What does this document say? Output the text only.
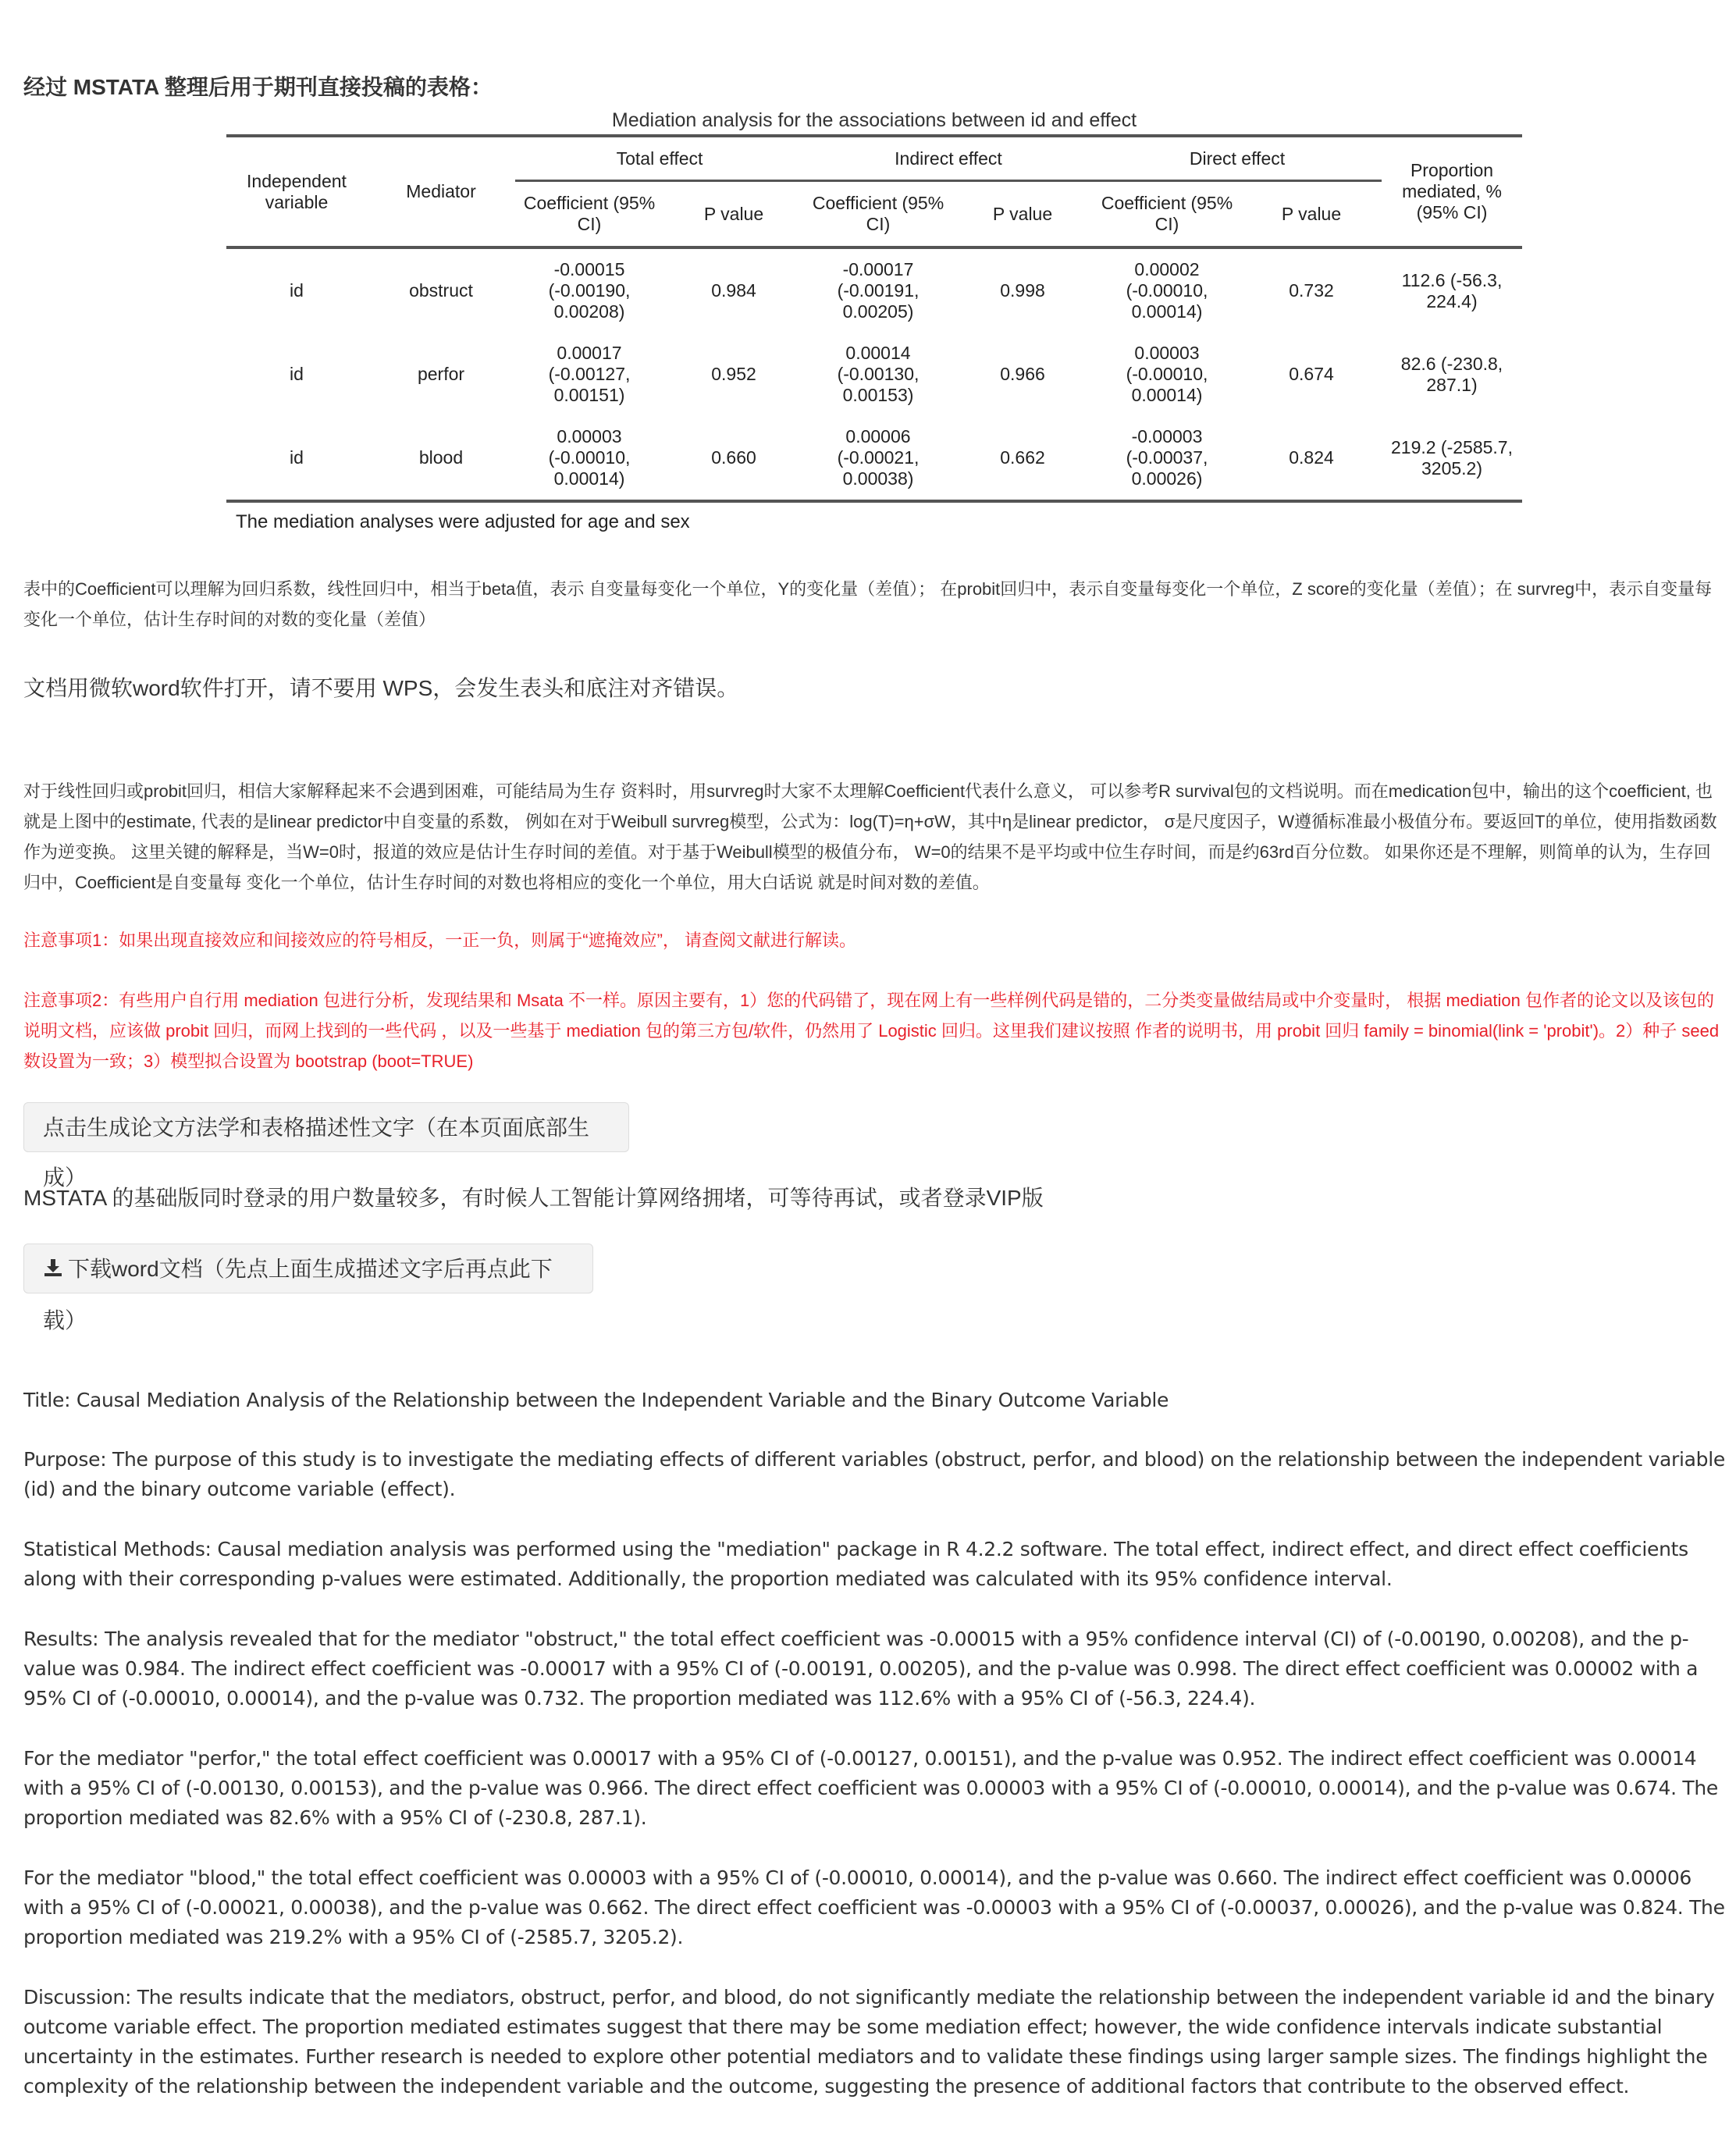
经过 MSTATA 整理后用于期刊直接投稿的表格：
Mediation analysis for the associations between id and effect
Independent variable	Mediator	Total effect		Indirect effect		Direct effect		Proportion mediated, % (95% CI)
		Coefficient (95% CI)	P value	Coefficient (95% CI)	P value	Coefficient (95% CI)	P value	
id	obstruct	-0.00015 (-0.00190, 0.00208)	0.984	-0.00017 (-0.00191, 0.00205)	0.998	0.00002 (-0.00010, 0.00014)	0.732	112.6 (-56.3, 224.4)
id	perfor	0.00017 (-0.00127, 0.00151)	0.952	0.00014 (-0.00130, 0.00153)	0.966	0.00003 (-0.00010, 0.00014)	0.674	82.6 (-230.8, 287.1)
id	blood	0.00003 (-0.00010, 0.00014)	0.660	0.00006 (-0.00021, 0.00038)	0.662	-0.00003 (-0.00037, 0.00026)	0.824	219.2 (-2585.7, 3205.2)
The mediation analyses were adjusted for age and sex
表中的Coefficient可以理解为回归系数，线性回归中，相当于beta值，表示 自变量每变化一个单位，Y的变化量（差值）； 在probit回归中，表示自变量每变化一个单位，Z score的变化量（差值）；在 survreg中，表示自变量每变化一个单位，估计生存时间的对数的变化量（差值）
文档用微软word软件打开，请不要用 WPS，会发生表头和底注对齐错误。
对于线性回归或probit回归，相信大家解释起来不会遇到困难，可能结局为生存 资料时，用survreg时大家不太理解Coefficient代表什么意义， 可以参考R survival包的文档说明。而在medication包中，输出的这个coefficient, 也就是上图中的estimate, 代表的是linear predictor中自变量的系数， 例如在对于Weibull survreg模型，公式为：log(T)=η+σW，其中η是linear predictor， σ是尺度因子，W遵循标准最小极值分布。要返回T的单位，使用指数函数作为逆变换。 这里关键的解释是，当W=0时，报道的效应是估计生存时间的差值。对于基于Weibull模型的极值分布， W=0的结果不是平均或中位生存时间，而是约63rd百分位数。 如果你还是不理解，则简单的认为，生存回归中，Coefficient是自变量每 变化一个单位，估计生存时间的对数也将相应的变化一个单位，用大白话说 就是时间对数的差值。
注意事项1：如果出现直接效应和间接效应的符号相反，一正一负，则属于“遮掩效应”， 请查阅文献进行解读。
注意事项2：有些用户自行用 mediation 包进行分析，发现结果和 Msata 不一样。原因主要有，1）您的代码错了，现在网上有一些样例代码是错的，二分类变量做结局或中介变量时， 根据 mediation 包作者的论文以及该包的说明文档，应该做 probit 回归，而网上找到的一些代码 ，以及一些基于 mediation 包的第三方包/软件，仍然用了 Logistic 回归。这里我们建议按照 作者的说明书，用 probit 回归 family = binomial(link = 'probit')。2）种子 seed 数设置为一致；3）模型拟合设置为 bootstrap (boot=TRUE)
点击生成论文方法学和表格描述性文字（在本页面底部生成）
MSTATA 的基础版同时登录的用户数量较多，有时候人工智能计算网络拥堵，可等待再试，或者登录VIP版
下载word文档（先点上面生成描述文字后再点此下载）
Title: Causal Mediation Analysis of the Relationship between the Independent Variable and the Binary Outcome Variable
Purpose: The purpose of this study is to investigate the mediating effects of different variables (obstruct, perfor, and blood) on the relationship between the independent variable (id) and the binary outcome variable (effect).
Statistical Methods: Causal mediation analysis was performed using the "mediation" package in R 4.2.2 software. The total effect, indirect effect, and direct effect coefficients along with their corresponding p-values were estimated. Additionally, the proportion mediated was calculated with its 95% confidence interval.
Results: The analysis revealed that for the mediator "obstruct," the total effect coefficient was -0.00015 with a 95% confidence interval (CI) of (-0.00190, 0.00208), and the p-value was 0.984. The indirect effect coefficient was -0.00017 with a 95% CI of (-0.00191, 0.00205), and the p-value was 0.998. The direct effect coefficient was 0.00002 with a 95% CI of (-0.00010, 0.00014), and the p-value was 0.732. The proportion mediated was 112.6% with a 95% CI of (-56.3, 224.4).
For the mediator "perfor," the total effect coefficient was 0.00017 with a 95% CI of (-0.00127, 0.00151), and the p-value was 0.952. The indirect effect coefficient was 0.00014 with a 95% CI of (-0.00130, 0.00153), and the p-value was 0.966. The direct effect coefficient was 0.00003 with a 95% CI of (-0.00010, 0.00014), and the p-value was 0.674. The proportion mediated was 82.6% with a 95% CI of (-230.8, 287.1).
For the mediator "blood," the total effect coefficient was 0.00003 with a 95% CI of (-0.00010, 0.00014), and the p-value was 0.660. The indirect effect coefficient was 0.00006 with a 95% CI of (-0.00021, 0.00038), and the p-value was 0.662. The direct effect coefficient was -0.00003 with a 95% CI of (-0.00037, 0.00026), and the p-value was 0.824. The proportion mediated was 219.2% with a 95% CI of (-2585.7, 3205.2).
Discussion: The results indicate that the mediators, obstruct, perfor, and blood, do not significantly mediate the relationship between the independent variable id and the binary outcome variable effect. The proportion mediated estimates suggest that there may be some mediation effect; however, the wide confidence intervals indicate substantial uncertainty in the estimates. Further research is needed to explore other potential mediators and to validate these findings using larger sample sizes. The findings highlight the complexity of the relationship between the independent variable and the outcome, suggesting the presence of additional factors that contribute to the observed effect.
